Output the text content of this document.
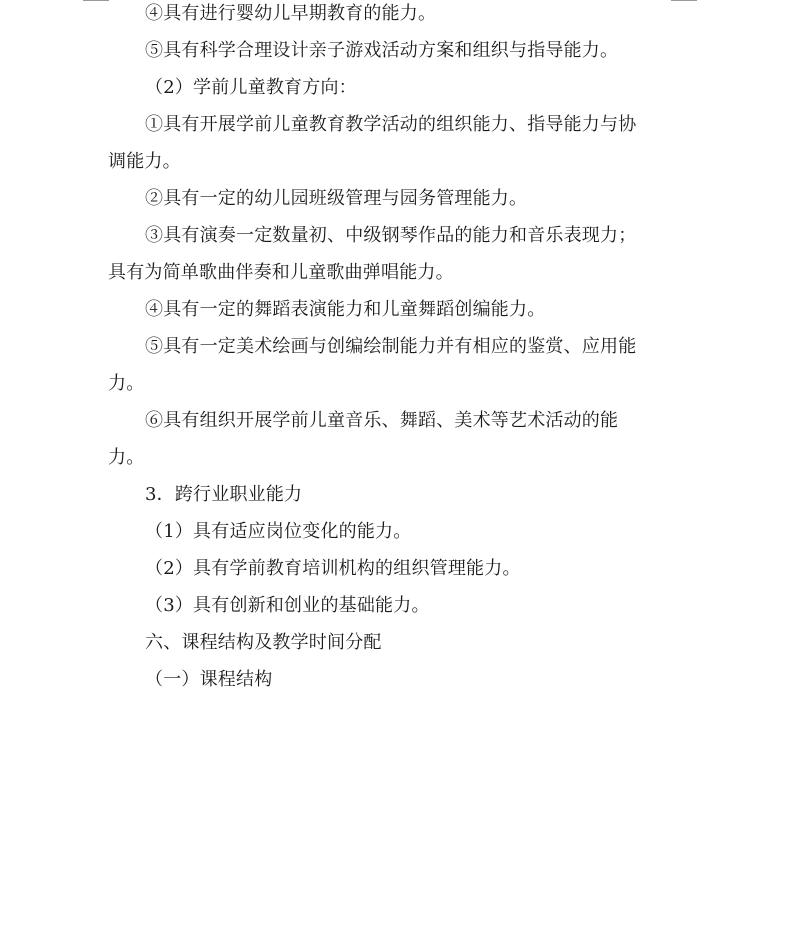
④具有进行婴幼儿早期教育的能力。
⑤具有科学合理设计亲子游戏活动方案和组织与指导能力。
（2）学前儿童教育方向：
①具有开展学前儿童教育教学活动的组织能力、指导能力与协
调能力。
②具有一定的幼儿园班级管理与园务管理能力。
③具有演奏一定数量初、中级钢琴作品的能力和音乐表现力；
具有为简单歌曲伴奏和儿童歌曲弹唱能力。
④具有一定的舞蹈表演能力和儿童舞蹈创编能力。
⑤具有一定美术绘画与创编绘制能力并有相应的鉴赏、应用能
力。
⑥具有组织开展学前儿童音乐、舞蹈、美术等艺术活动的能
力。
3．跨行业职业能力
（1）具有适应岗位变化的能力。
（2）具有学前教育培训机构的组织管理能力。
（3）具有创新和创业的基础能力。
六、课程结构及教学时间分配
（一）课程结构
